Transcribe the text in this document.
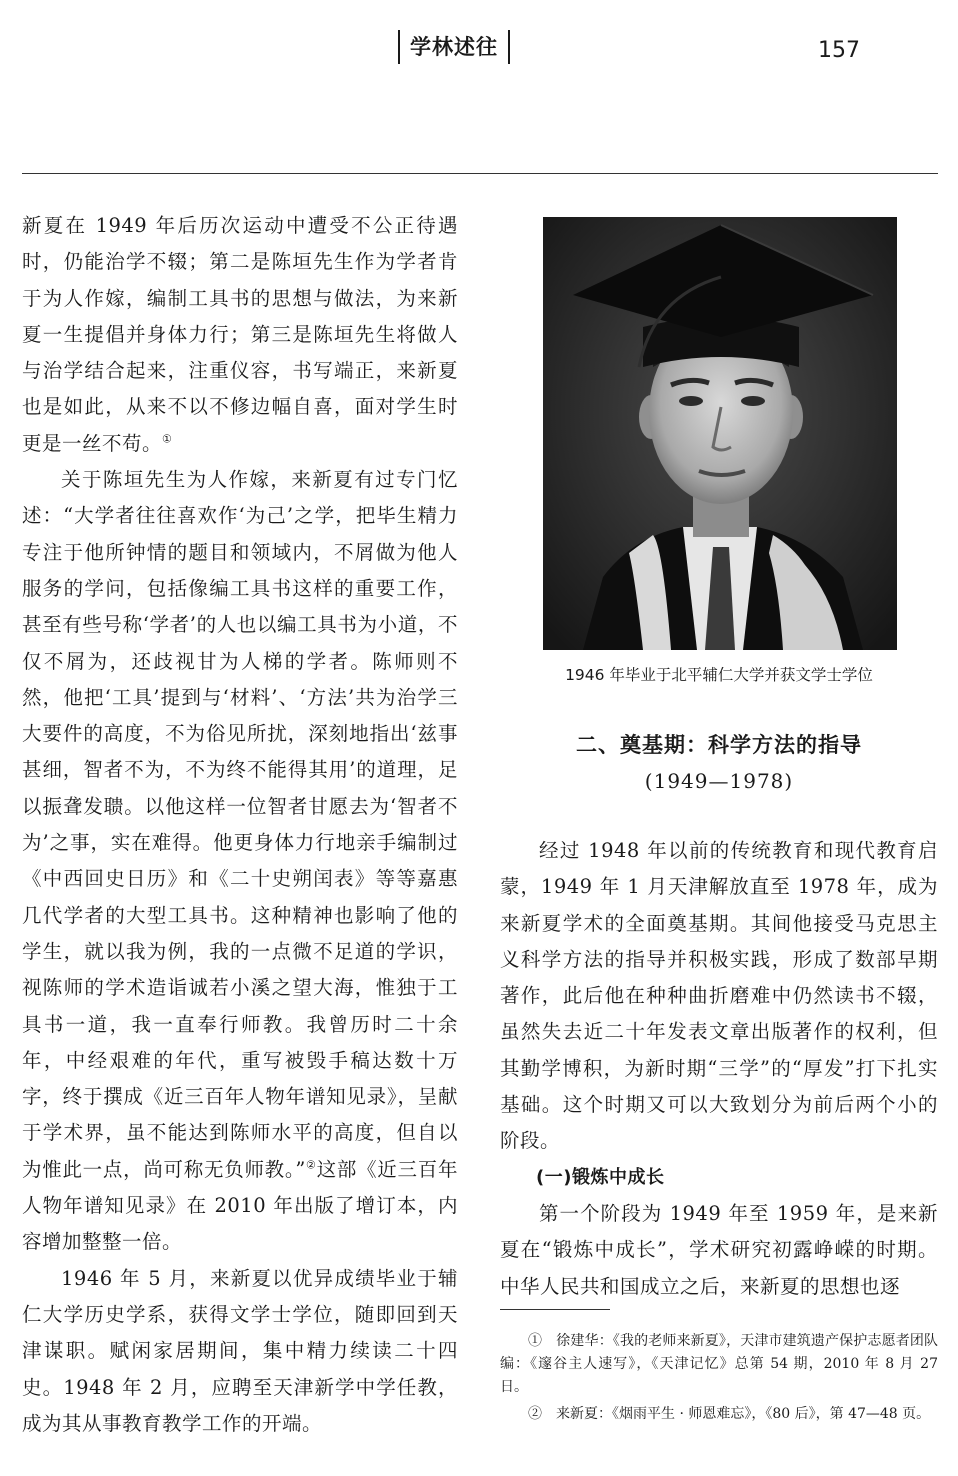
学林述往	157

新夏在 1949 年后历次运动中遭受不公正待遇时，仍能治学不辍；第二是陈垣先生作为学者肯于为人作嫁，编制工具书的思想与做法，为来新夏一生提倡并身体力行；第三是陈垣先生将做人与治学结合起来，注重仪容，书写端正，来新夏也是如此，从来不以不修边幅自喜，面对学生时更是一丝不苟。①

关于陈垣先生为人作嫁，来新夏有过专门忆述：“大学者往往喜欢作‘为己’之学，把毕生精力专注于他所钟情的题目和领域内，不屑做为他人服务的学问，包括像编工具书这样的重要工作，甚至有些号称‘学者’的人也以编工具书为小道，不仅不屑为，还歧视甘为人梯的学者。陈师则不然，他把‘工具’提到与‘材料’、‘方法’共为治学三大要件的高度，不为俗见所扰，深刻地指出‘兹事甚细，智者不为，不为终不能得其用’的道理，足以振聋发聩。以他这样一位智者甘愿去为‘智者不为’之事，实在难得。他更身体力行地亲手编制过《中西回史日历》和《二十史朔闰表》等等嘉惠几代学者的大型工具书。这种精神也影响了他的学生，就以我为例，我的一点微不足道的学识，视陈师的学术造诣诚若小溪之望大海，惟独于工具书一道，我一直奉行师教。我曾历时二十余年，中经艰难的年代，重写被毁手稿达数十万字，终于撰成《近三百年人物年谱知见录》，呈献于学术界，虽不能达到陈师水平的高度，但自以为惟此一点，尚可称无负师教。”②这部《近三百年人物年谱知见录》在 2010 年出版了增订本，内容增加整整一倍。

1946 年 5 月，来新夏以优异成绩毕业于辅仁大学历史学系，获得文学士学位，随即回到天津谋职。赋闲家居期间，集中精力续读二十四史。1948 年 2 月，应聘至天津新学中学任教，成为其从事教育教学工作的开端。

1946 年毕业于北平辅仁大学并获文学士学位
二、奠基期：科学方法的指导
(1949—1978)

经过 1948 年以前的传统教育和现代教育启蒙，1949 年 1 月天津解放直至 1978 年，成为来新夏学术的全面奠基期。其间他接受马克思主义科学方法的指导并积极实践，形成了数部早期著作，此后他在种种曲折磨难中仍然读书不辍，虽然失去近二十年发表文章出版著作的权利，但其勤学博积，为新时期“三学”的“厚发”打下扎实基础。这个时期又可以大致划分为前后两个小的阶段。

(一)锻炼中成长

第一个阶段为 1949 年至 1959 年，是来新夏在“锻炼中成长”，学术研究初露峥嵘的时期。中华人民共和国成立之后，来新夏的思想也逐

①　徐建华：《我的老师来新夏》，天津市建筑遗产保护志愿者团队编：《邃谷主人速写》，《天津记忆》总第 54 期，2010 年 8 月 27 日。

②　来新夏：《烟雨平生 · 师恩难忘》，《80 后》，第 47—48 页。
